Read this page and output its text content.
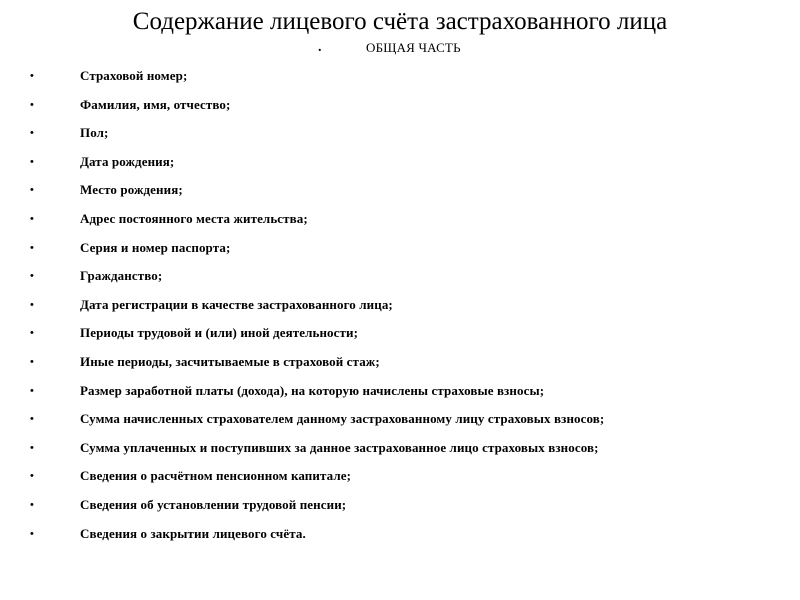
Содержание лицевого счёта застрахованного лица
.	ОБЩАЯ ЧАСТЬ
•	Страховой номер;
•	Фамилия, имя, отчество;
•	Пол;
•	Дата рождения;
•	Место рождения;
•	Адрес постоянного места жительства;
•	Серия и номер паспорта;
•	Гражданство;
•	Дата регистрации в качестве застрахованного лица;
•	Периоды трудовой и (или) иной деятельности;
•	Иные периоды, засчитываемые в страховой стаж;
•	Размер заработной платы (дохода), на которую начислены страховые взносы;
•	Сумма начисленных страхователем данному застрахованному лицу страховых взносов;
•	Сумма уплаченных и поступивших за данное застрахованное лицо страховых взносов;
•	Сведения о расчётном пенсионном капитале;
•	Сведения об установлении трудовой пенсии;
•	Сведения о закрытии лицевого счёта.
